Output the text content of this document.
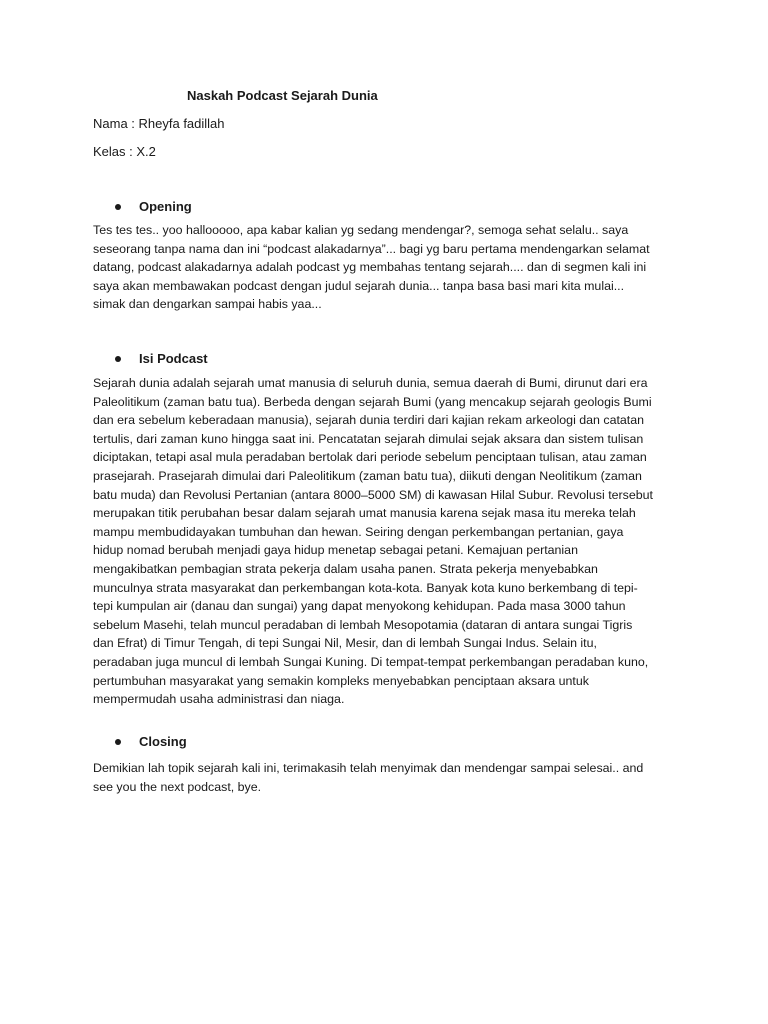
Naskah Podcast Sejarah Dunia
Nama : Rheyfa fadillah
Kelas : X.2
Opening
Tes tes tes.. yoo hallooooo, apa kabar kalian yg sedang mendengar?, semoga sehat selalu.. saya
seseorang tanpa nama dan ini “podcast alakadarnya”... bagi yg baru pertama mendengarkan selamat
datang, podcast alakadarnya adalah podcast yg membahas tentang sejarah.... dan di segmen kali ini
saya akan membawakan podcast dengan judul sejarah dunia... tanpa basa basi mari kita mulai...
simak dan dengarkan sampai habis yaa...
Isi Podcast
Sejarah dunia adalah sejarah umat manusia di seluruh dunia, semua daerah di Bumi, dirunut dari era
Paleolitikum (zaman batu tua). Berbeda dengan sejarah Bumi (yang mencakup sejarah geologis Bumi
dan era sebelum keberadaan manusia), sejarah dunia terdiri dari kajian rekam arkeologi dan catatan
tertulis, dari zaman kuno hingga saat ini. Pencatatan sejarah dimulai sejak aksara dan sistem tulisan
diciptakan, tetapi asal mula peradaban bertolak dari periode sebelum penciptaan tulisan, atau zaman
prasejarah. Prasejarah dimulai dari Paleolitikum (zaman batu tua), diikuti dengan Neolitikum (zaman
batu muda) dan Revolusi Pertanian (antara 8000–5000 SM) di kawasan Hilal Subur. Revolusi tersebut
merupakan titik perubahan besar dalam sejarah umat manusia karena sejak masa itu mereka telah
mampu membudidayakan tumbuhan dan hewan. Seiring dengan perkembangan pertanian, gaya
hidup nomad berubah menjadi gaya hidup menetap sebagai petani. Kemajuan pertanian
mengakibatkan pembagian strata pekerja dalam usaha panen. Strata pekerja menyebabkan
munculnya strata masyarakat dan perkembangan kota-kota. Banyak kota kuno berkembang di tepi-
tepi kumpulan air (danau dan sungai) yang dapat menyokong kehidupan. Pada masa 3000 tahun
sebelum Masehi, telah muncul peradaban di lembah Mesopotamia (dataran di antara sungai Tigris
dan Efrat) di Timur Tengah, di tepi Sungai Nil, Mesir, dan di lembah Sungai Indus. Selain itu,
peradaban juga muncul di lembah Sungai Kuning. Di tempat-tempat perkembangan peradaban kuno,
pertumbuhan masyarakat yang semakin kompleks menyebabkan penciptaan aksara untuk
mempermudah usaha administrasi dan niaga.
Closing
Demikian lah topik sejarah kali ini, terimakasih telah menyimak dan mendengar sampai selesai.. and
see you the next podcast, bye.
